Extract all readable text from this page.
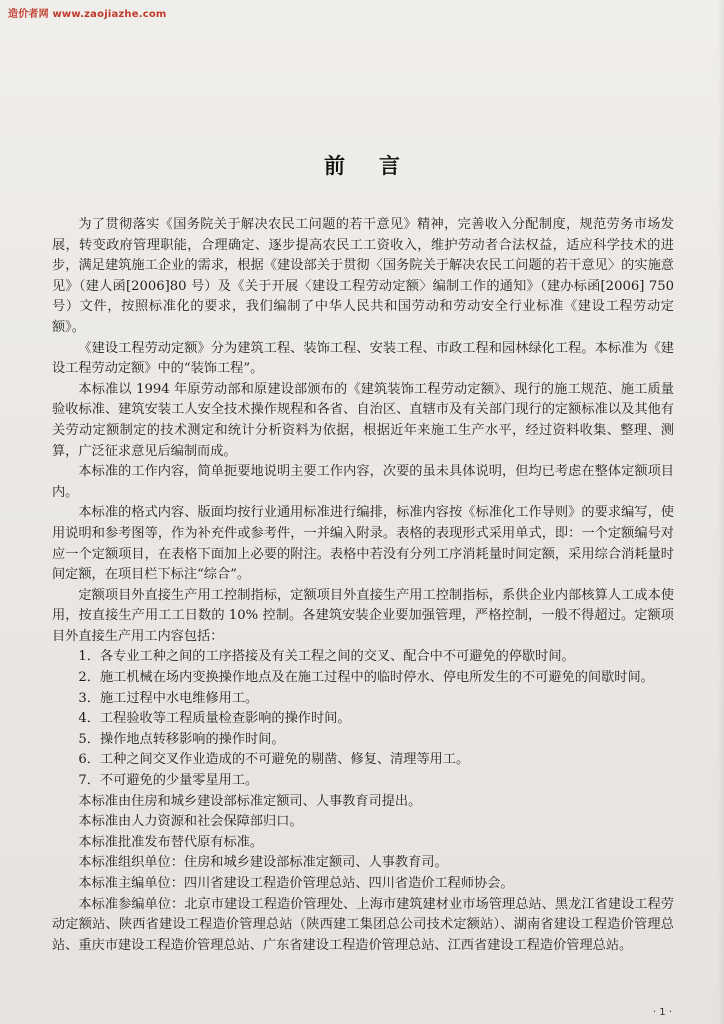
造价者网 www.zaojiazhe.com
前言

为了贯彻落实《国务院关于解决农民工问题的若干意见》精神，完善收入分配制度，规范劳务市场发展，转变政府管理职能，合理确定、逐步提高农民工工资收入，维护劳动者合法权益，适应科学技术的进步，满足建筑施工企业的需求，根据《建设部关于贯彻〈国务院关于解决农民工问题的若干意见〉的实施意见》（建人函[2006]80 号）及《关于开展〈建设工程劳动定额〉编制工作的通知》（建办标函[2006] 750 号）文件，按照标准化的要求，我们编制了中华人民共和国劳动和劳动安全行业标准《建设工程劳动定额》。

《建设工程劳动定额》分为建筑工程、装饰工程、安装工程、市政工程和园林绿化工程。本标准为《建设工程劳动定额》中的“装饰工程”。

本标准以 1994 年原劳动部和原建设部颁布的《建筑装饰工程劳动定额》、现行的施工规范、施工质量验收标准、建筑安装工人安全技术操作规程和各省、自治区、直辖市及有关部门现行的定额标准以及其他有关劳动定额制定的技术测定和统计分析资料为依据，根据近年来施工生产水平，经过资料收集、整理、测算，广泛征求意见后编制而成。

本标准的工作内容，简单扼要地说明主要工作内容，次要的虽未具体说明，但均已考虑在整体定额项目内。

本标准的格式内容、版面均按行业通用标准进行编排，标准内容按《标准化工作导则》的要求编写，使用说明和参考图等，作为补充件或参考件，一并编入附录。表格的表现形式采用单式，即：一个定额编号对应一个定额项目，在表格下面加上必要的附注。表格中若没有分列工序消耗量时间定额，采用综合消耗量时间定额，在项目栏下标注“综合”。

定额项目外直接生产用工控制指标，定额项目外直接生产用工控制指标，系供企业内部核算人工成本使用，按直接生产用工工日数的 10% 控制。各建筑安装企业要加强管理，严格控制，一般不得超过。定额项目外直接生产用工内容包括：

1．各专业工种之间的工序搭接及有关工程之间的交叉、配合中不可避免的停歇时间。

2．施工机械在场内变换操作地点及在施工过程中的临时停水、停电所发生的不可避免的间歇时间。

3．施工过程中水电维修用工。

4．工程验收等工程质量检查影响的操作时间。

5．操作地点转移影响的操作时间。

6．工种之间交叉作业造成的不可避免的剔凿、修复、清理等用工。

7．不可避免的少量零星用工。

本标准由住房和城乡建设部标准定额司、人事教育司提出。

本标准由人力资源和社会保障部归口。

本标准批准发布替代原有标准。

本标准组织单位：住房和城乡建设部标准定额司、人事教育司。

本标准主编单位：四川省建设工程造价管理总站、四川省造价工程师协会。

本标准参编单位：北京市建设工程造价管理处、上海市建筑建材业市场管理总站、黑龙江省建设工程劳动定额站、陕西省建设工程造价管理总站（陕西建工集团总公司技术定额站）、湖南省建设工程造价管理总站、重庆市建设工程造价管理总站、广东省建设工程造价管理总站、江西省建设工程造价管理总站。

· 1 ·
